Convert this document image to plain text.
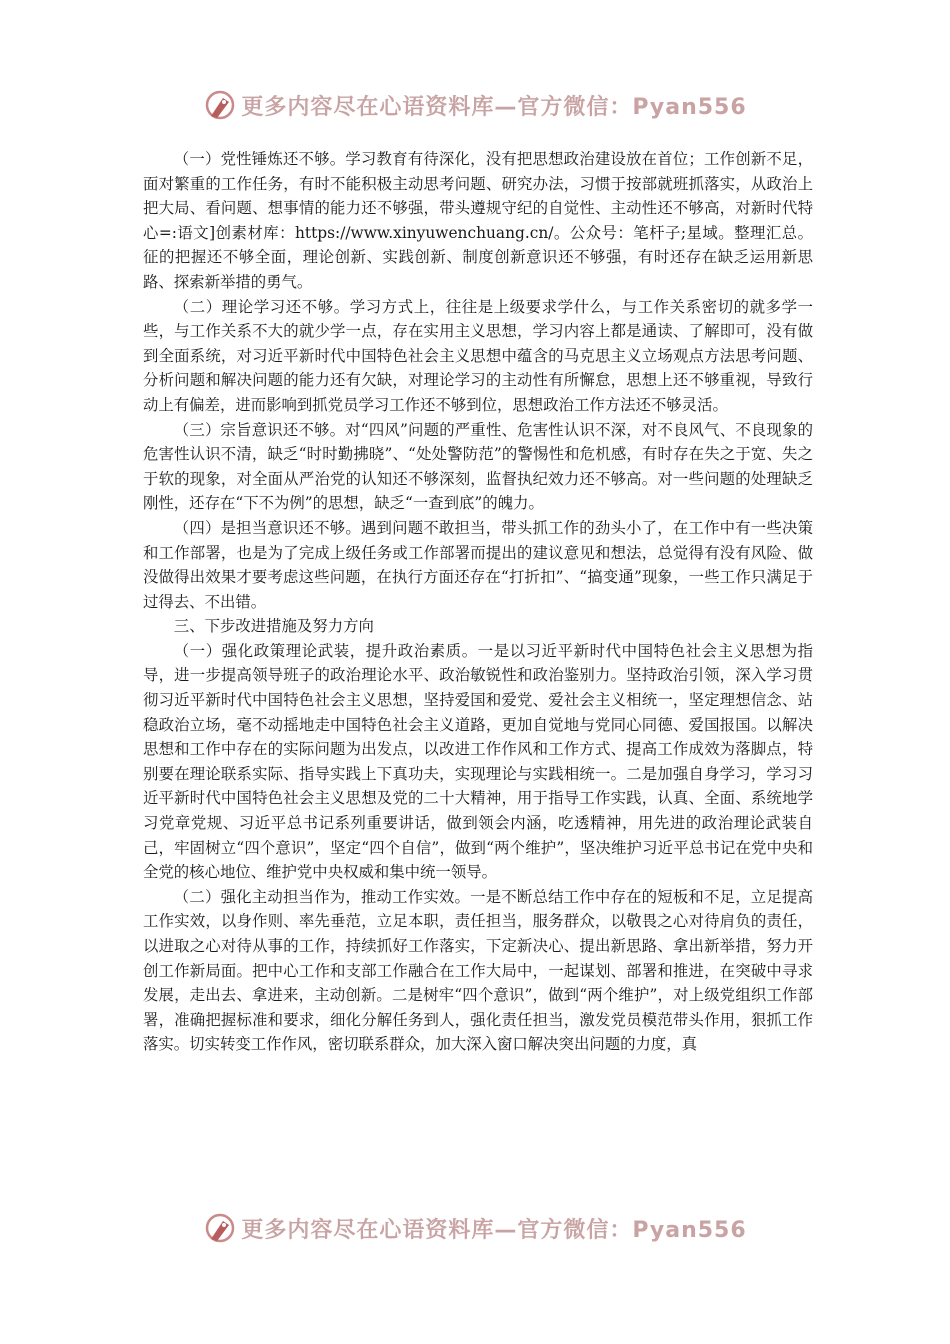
更多内容尽在心语资料库—官方微信：Pyan556

（一）党性锤炼还不够。学习教育有待深化，没有把思想政治建设放在首位；工作创新不足，面对繁重的工作任务，有时不能积极主动思考问题、研究办法，习惯于按部就班抓落实，从政治上把大局、看问题、想事情的能力还不够强，带头遵规守纪的自觉性、主动性还不够高，对新时代特心=:语文]创素材库：https://www.xinyuwenchuang.cn/。公众号：笔杆子;星域。整理汇总。征的把握还不够全面，理论创新、实践创新、制度创新意识还不够强，有时还存在缺乏运用新思路、探索新举措的勇气。

（二）理论学习还不够。学习方式上，往往是上级要求学什么，与工作关系密切的就多学一些，与工作关系不大的就少学一点，存在实用主义思想，学习内容上都是通读、了解即可，没有做到全面系统，对习近平新时代中国特色社会主义思想中蕴含的马克思主义立场观点方法思考问题、分析问题和解决问题的能力还有欠缺，对理论学习的主动性有所懈怠，思想上还不够重视，导致行动上有偏差，进而影响到抓党员学习工作还不够到位，思想政治工作方法还不够灵活。

（三）宗旨意识还不够。对“四风”问题的严重性、危害性认识不深，对不良风气、不良现象的危害性认识不清，缺乏“时时勤拂晓”、“处处警防范”的警惕性和危机感，有时存在失之于宽、失之于软的现象，对全面从严治党的认知还不够深刻，监督执纪效力还不够高。对一些问题的处理缺乏刚性，还存在“下不为例”的思想，缺乏“一查到底”的魄力。

（四）是担当意识还不够。遇到问题不敢担当，带头抓工作的劲头小了，在工作中有一些决策和工作部署，也是为了完成上级任务或工作部署而提出的建议意见和想法，总觉得有没有风险、做没做得出效果才要考虑这些问题，在执行方面还存在“打折扣”、“搞变通”现象，一些工作只满足于过得去、不出错。

三、下步改进措施及努力方向

（一）强化政策理论武装，提升政治素质。一是以习近平新时代中国特色社会主义思想为指导，进一步提高领导班子的政治理论水平、政治敏锐性和政治鉴别力。坚持政治引领，深入学习贯彻习近平新时代中国特色社会主义思想，坚持爱国和爱党、爱社会主义相统一，坚定理想信念、站稳政治立场，毫不动摇地走中国特色社会主义道路，更加自觉地与党同心同德、爱国报国。以解决思想和工作中存在的实际问题为出发点，以改进工作作风和工作方式、提高工作成效为落脚点，特别要在理论联系实际、指导实践上下真功夫，实现理论与实践相统一。二是加强自身学习，学习习近平新时代中国特色社会主义思想及党的二十大精神，用于指导工作实践，认真、全面、系统地学习党章党规、习近平总书记系列重要讲话，做到领会内涵，吃透精神，用先进的政治理论武装自己，牢固树立“四个意识”，坚定“四个自信”，做到“两个维护”，坚决维护习近平总书记在党中央和全党的核心地位、维护党中央权威和集中统一领导。

（二）强化主动担当作为，推动工作实效。一是不断总结工作中存在的短板和不足，立足提高工作实效，以身作则、率先垂范，立足本职，责任担当，服务群众，以敬畏之心对待肩负的责任，以进取之心对待从事的工作，持续抓好工作落实，下定新决心、提出新思路、拿出新举措，努力开创工作新局面。把中心工作和支部工作融合在工作大局中，一起谋划、部署和推进，在突破中寻求发展，走出去、拿进来，主动创新。二是树牢“四个意识”，做到“两个维护”，对上级党组织工作部署，准确把握标准和要求，细化分解任务到人，强化责任担当，激发党员模范带头作用，狠抓工作落实。切实转变工作作风，密切联系群众，加大深入窗口解决突出问题的力度，真

更多内容尽在心语资料库—官方微信：Pyan556
